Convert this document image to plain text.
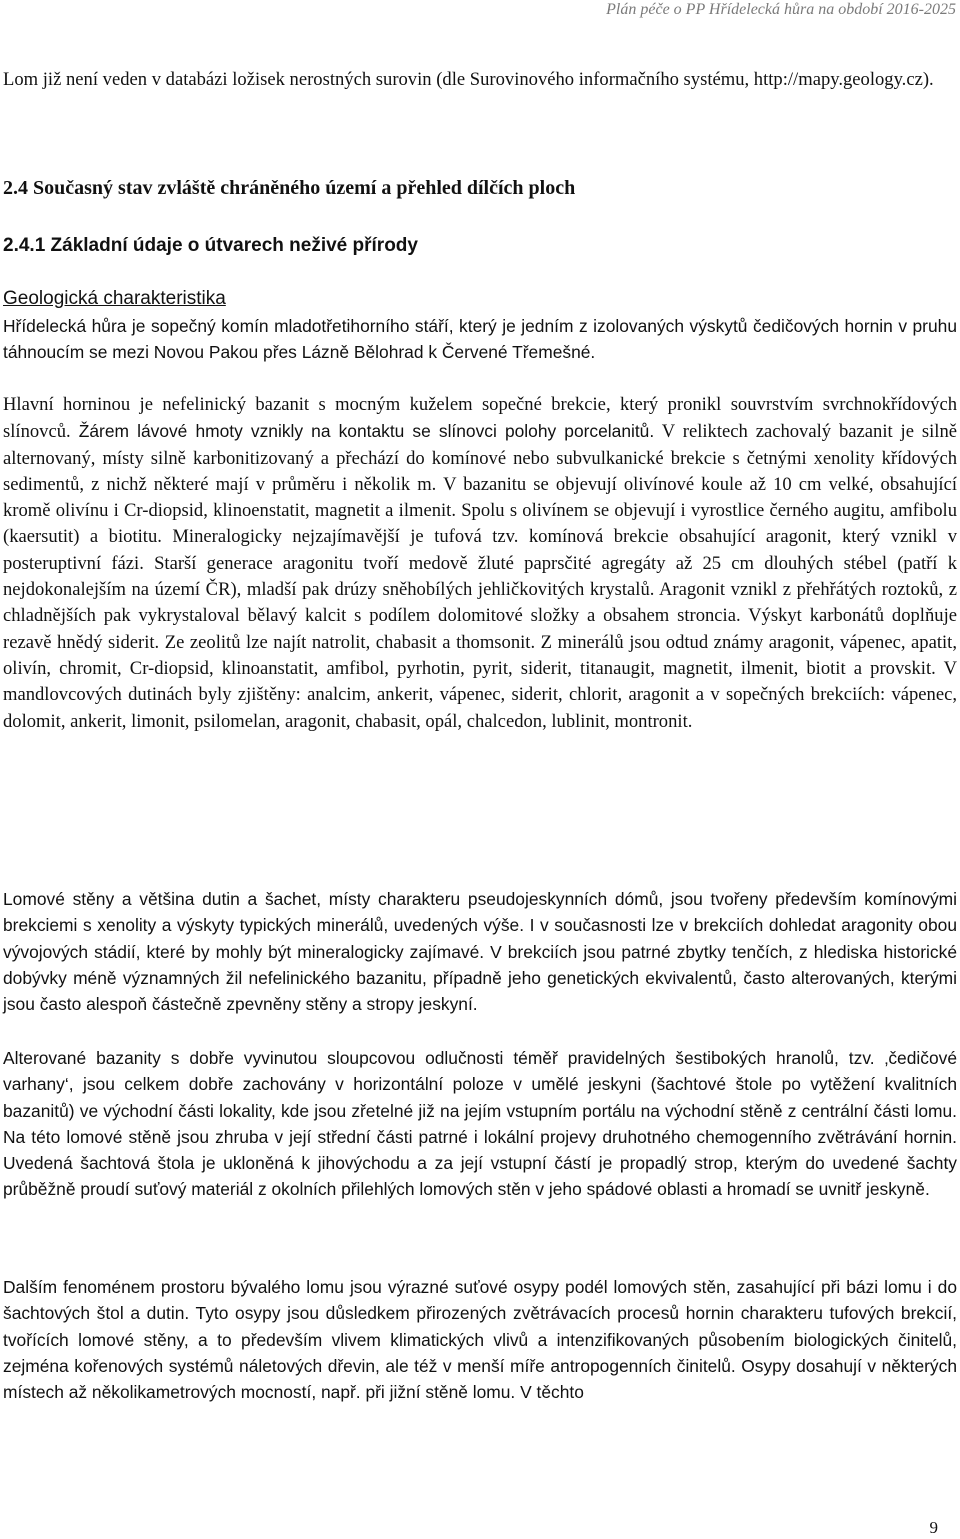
Plán péče o PP Hřídelecká hůra na období 2016-2025

Lom již není veden v databázi ložisek nerostných surovin (dle Surovinového informačního systému, http://mapy.geology.cz).

2.4 Současný stav zvláště chráněného území a přehled dílčích ploch
2.4.1 Základní údaje o útvarech neživé přírody
Geologická charakteristika

Hřídelecká hůra je sopečný komín mladotřetihorního stáří, který je jedním z izolovaných výskytů čedičových hornin v pruhu táhnoucím se mezi Novou Pakou přes Lázně Bělohrad k Červené Třemešné.

Hlavní horninou je nefelinický bazanit s mocným kuželem sopečné brekcie, který pronikl souvrstvím svrchnokřídových slínovců. Žárem lávové hmoty vznikly na kontaktu se slínovci polohy porcelanitů. V reliktech zachovalý bazanit je silně alternovaný, místy silně karbonitizovaný a přechází do komínové nebo subvulkanické brekcie s četnými xenolity křídových sedimentů, z nichž některé mají v průměru i několik m. V bazanitu se objevují olivínové koule až 10 cm velké, obsahující kromě olivínu i Cr-diopsid, klinoenstatit, magnetit a ilmenit. Spolu s olivínem se objevují i vyrostlice černého augitu, amfibolu (kaersutit) a biotitu. Mineralogicky nejzajímavější je tufová tzv. komínová brekcie obsahující aragonit, který vznikl v posteruptivní fázi. Starší generace aragonitu tvoří medově žluté paprsčité agregáty až 25 cm dlouhých stébel (patří k nejdokonalejším na území ČR), mladší pak drúzy sněhobílých jehličkovitých krystalů. Aragonit vznikl z přehřátých roztoků, z chladnějších pak vykrystaloval bělavý kalcit s podílem dolomitové složky a obsahem stroncia. Výskyt karbonátů doplňuje rezavě hnědý siderit. Ze zeolitů lze najít natrolit, chabasit a thomsonit. Z minerálů jsou odtud známy aragonit, vápenec, apatit, olivín, chromit, Cr-diopsid, klinoanstatit, amfibol, pyrhotin, pyrit, siderit, titanaugit, magnetit, ilmenit, biotit a provskit. V mandlovcových dutinách byly zjištěny: analcim, ankerit, vápenec, siderit, chlorit, aragonit a v sopečných brekciích: vápenec, dolomit, ankerit, limonit, psilomelan, aragonit, chabasit, opál, chalcedon, lublinit, montronit.

Lomové stěny a většina dutin a šachet, místy charakteru pseudojeskynních dómů, jsou tvořeny především komínovými brekciemi s xenolity a výskyty typických minerálů, uvedených výše. I v současnosti lze v brekciích dohledat aragonity obou vývojových stádií, které by mohly být mineralogicky zajímavé. V brekciích jsou patrné zbytky tenčích, z hlediska historické dobývky méně významných žil nefelinického bazanitu, případně jeho genetických ekvivalentů, často alterovaných, kterými jsou často alespoň částečně zpevněny stěny a stropy jeskyní.

Alterované bazanity s dobře vyvinutou sloupcovou odlučnosti téměř pravidelných šestibokých hranolů, tzv. ‚čedičové varhany‘, jsou celkem dobře zachovány v horizontální poloze v umělé jeskyni (šachtové štole po vytěžení kvalitních bazanitů) ve východní části lokality, kde jsou zřetelné již na jejím vstupním portálu na východní stěně z centrální části lomu. Na této lomové stěně jsou zhruba v její střední části patrné i lokální projevy druhotného chemogenního zvětrávání hornin. Uvedená šachtová štola je ukloněná k jihovýchodu a za její vstupní částí je propadlý strop, kterým do uvedené šachty průběžně proudí suťový materiál z okolních přilehlých lomových stěn v jeho spádové oblasti a hromadí se uvnitř jeskyně.

Dalším fenoménem prostoru bývalého lomu jsou výrazné suťové osypy podél lomových stěn, zasahující při bázi lomu i do šachtových štol a dutin. Tyto osypy jsou důsledkem přirozených zvětrávacích procesů hornin charakteru tufových brekcií, tvořících lomové stěny, a to především vlivem klimatických vlivů a intenzifikovaných působením biologických činitelů, zejména kořenových systémů náletových dřevin, ale též v menší míře antropogenních činitelů. Osypy dosahují v některých místech až několikametrových mocností, např. při jižní stěně lomu. V těchto

9
